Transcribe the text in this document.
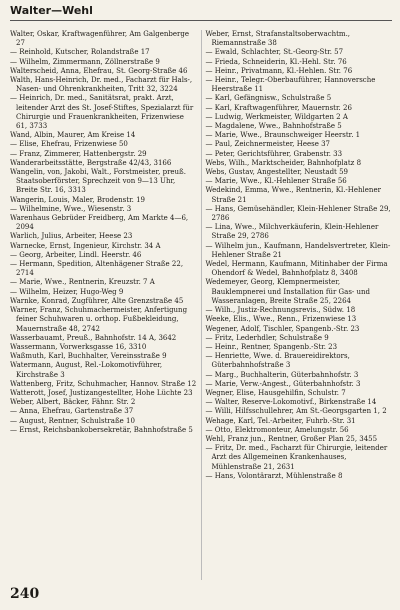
Walter—Wehl
Walter, Oskar, Kraftwagenführer, Am Galgenberge 27
— Reinhold, Kutscher, Rolandstraße 17
— Wilhelm, Zimmermann, Zöllnerstraße 9
Walterscheid, Anna, Ehefrau, St. Georg-Straße 46
Walth, Hans-Heinrich, Dr. med., Facharzt für Hals-, Nasen- und Ohrenkrankheiten, Tritt 32, 3224
— Heinrich, Dr. med., Sanitätsrat, prakt. Arzt, leitender Arzt des St. Josef-Stiftes, Spezialarzt für Chirurgie und Frauenkrankheiten, Frizenwiese 61, 3733
Wand, Albin, Maurer, Am Kreise 14
— Elise, Ehefrau, Frizenwiese 50
— Franz, Zimmerer, Hattenbergstr. 29
Wanderarbeitsstätte, Bergstraße 42/43, 3166
Wangelin, von, Jakobi, Walt., Forstmeister, preuß. Staatsoberförster, Sprechzeit von 9—13 Uhr, Breite Str. 16, 3313
Wangerin, Louis, Maler, Brodenstr. 19
— Wilhelmine, Wwe., Wiesenstr. 3
Warenhaus Gebrüder Freidberg, Am Markte 4—6, 2094
Warlich, Julius, Arbeiter, Heese 23
Warnecke, Ernst, Ingenieur, Kirchstr. 34 A
— Georg, Arbeiter, Lindl. Heerstr. 46
— Hermann, Spedition, Altenhägener Straße 22, 2714
— Marie, Wwe., Rentnerin, Kreuzstr. 7 A
— Wilhelm, Heizer, Hugo-Weg 9
Warnke, Konrad, Zugführer, Alte Grenzstraße 45
Warner, Franz, Schuhmachermeister, Anfertigung feiner Schuhwaren u. orthop. Fußbekleidung, Mauernstraße 48, 2742
Wasserbauamt, Preuß., Bahnhofstr. 14 A, 3642
Wassermann, Vorwerksgasse 16, 3310
Waßmuth, Karl, Buchhalter, Vereinsstraße 9
Watermann, August, Rel.-Lokomotivführer, Kirchstraße 3
Wattenberg, Fritz, Schuhmacher, Hannov. Straße 12
Watterott, Josef, Justizangestellter, Hohe Lüchte 23
Weber, Albert, Bäcker, Fähnr. Str. 2
— Anna, Ehefrau, Gartenstraße 37
— August, Rentner, Schulstraße 10
— Ernst, Reichsbankobersekretär, Bahnhofstraße 5
Weber, Ernst, Strafanstaltsoberwachtm., Riemannstraße 38
— Ewald, Schlachter, St.-Georg-Str. 57
— Frieda, Schneiderin, Kl.-Hehl. Str. 76
— Heinr., Privatmann, Kl.-Hehlen. Str. 76
— Heinr., Telegr.-Oberbauführer, Hannoversche Heerstraße 11
— Karl, Gefängnisw., Schulstraße 5
— Karl, Kraftwagenführer, Mauernstr. 26
— Ludwig, Werkmeister, Wildgarten 2 A
— Magdalene, Wwe., Bahnhofstraße 5
— Marie, Wwe., Braunschweiger Heerstr. 1
— Paul, Zeichnermeister, Heese 37
— Peter, Gerichtsführer, Grabenstr. 33
Webs, Wilh., Marktscheider, Bahnhofplatz 8
Webs, Gustav, Angestellter, Neustadt 59
— Marie, Wwe., Kl.-Hehlener Straße 56
Wedekind, Emma, Wwe., Rentnerin, Kl.-Hehlener Straße 21
— Hans, Gemüsehändler, Klein-Hehlener Straße 29, 2786
— Lina, Wwe., Milchverkäuferin, Klein-Hehlener Straße 29, 2786
— Wilhelm jun., Kaufmann, Handelsvertreter, Klein-Hehlener Straße 21
Wedel, Hermann, Kaufmann, Mitinhaber der Firma Ohendorf & Wedel, Bahnhofplatz 8, 3408
Wedemeyer, Georg, Klempnermeister, Bauklempnerei und Installation für Gas- und Wasseranlagen, Breite Straße 25, 2264
— Wilh., Justiz-Rechnungsrevis., Südw. 18
Weeke, Elis., Wwe., Renn., Frizenwiese 13
Wegener, Adolf, Tischler, Spangenb.-Str. 23
— Fritz, Lederhdler, Schulstraße 9
— Heinr., Rentner, Spangenb.-Str. 23
— Henriette, Wwe. d. Brauereidirektors, Güterbahnhofstraße 3
— Marg., Buchhalterin, Güterbahnhofstr. 3
— Marie, Verw.-Angest., Güterbahnhofstr. 3
Wegner, Elise, Hausgehilfin, Schulstr. 7
— Walter, Reserve-Lokomotivf., Birkenstraße 14
— Willi, Hilfsschullehrer, Am St.-Georgsgarten 1, 2
Wehage, Karl, Tel.-Arbeiter, Fuhrb.-Str. 31
— Otto, Elektromonteur, Amelungstr. 56
Wehl, Franz jun., Rentner, Großer Plan 25, 3455
— Fritz, Dr. med., Facharzt für Chirurgie, leitender Arzt des Allgemeinen Krankenhauses, Mühlenstraße 21, 2631
— Hans, Volontärarzt, Mühlenstraße 8
240
